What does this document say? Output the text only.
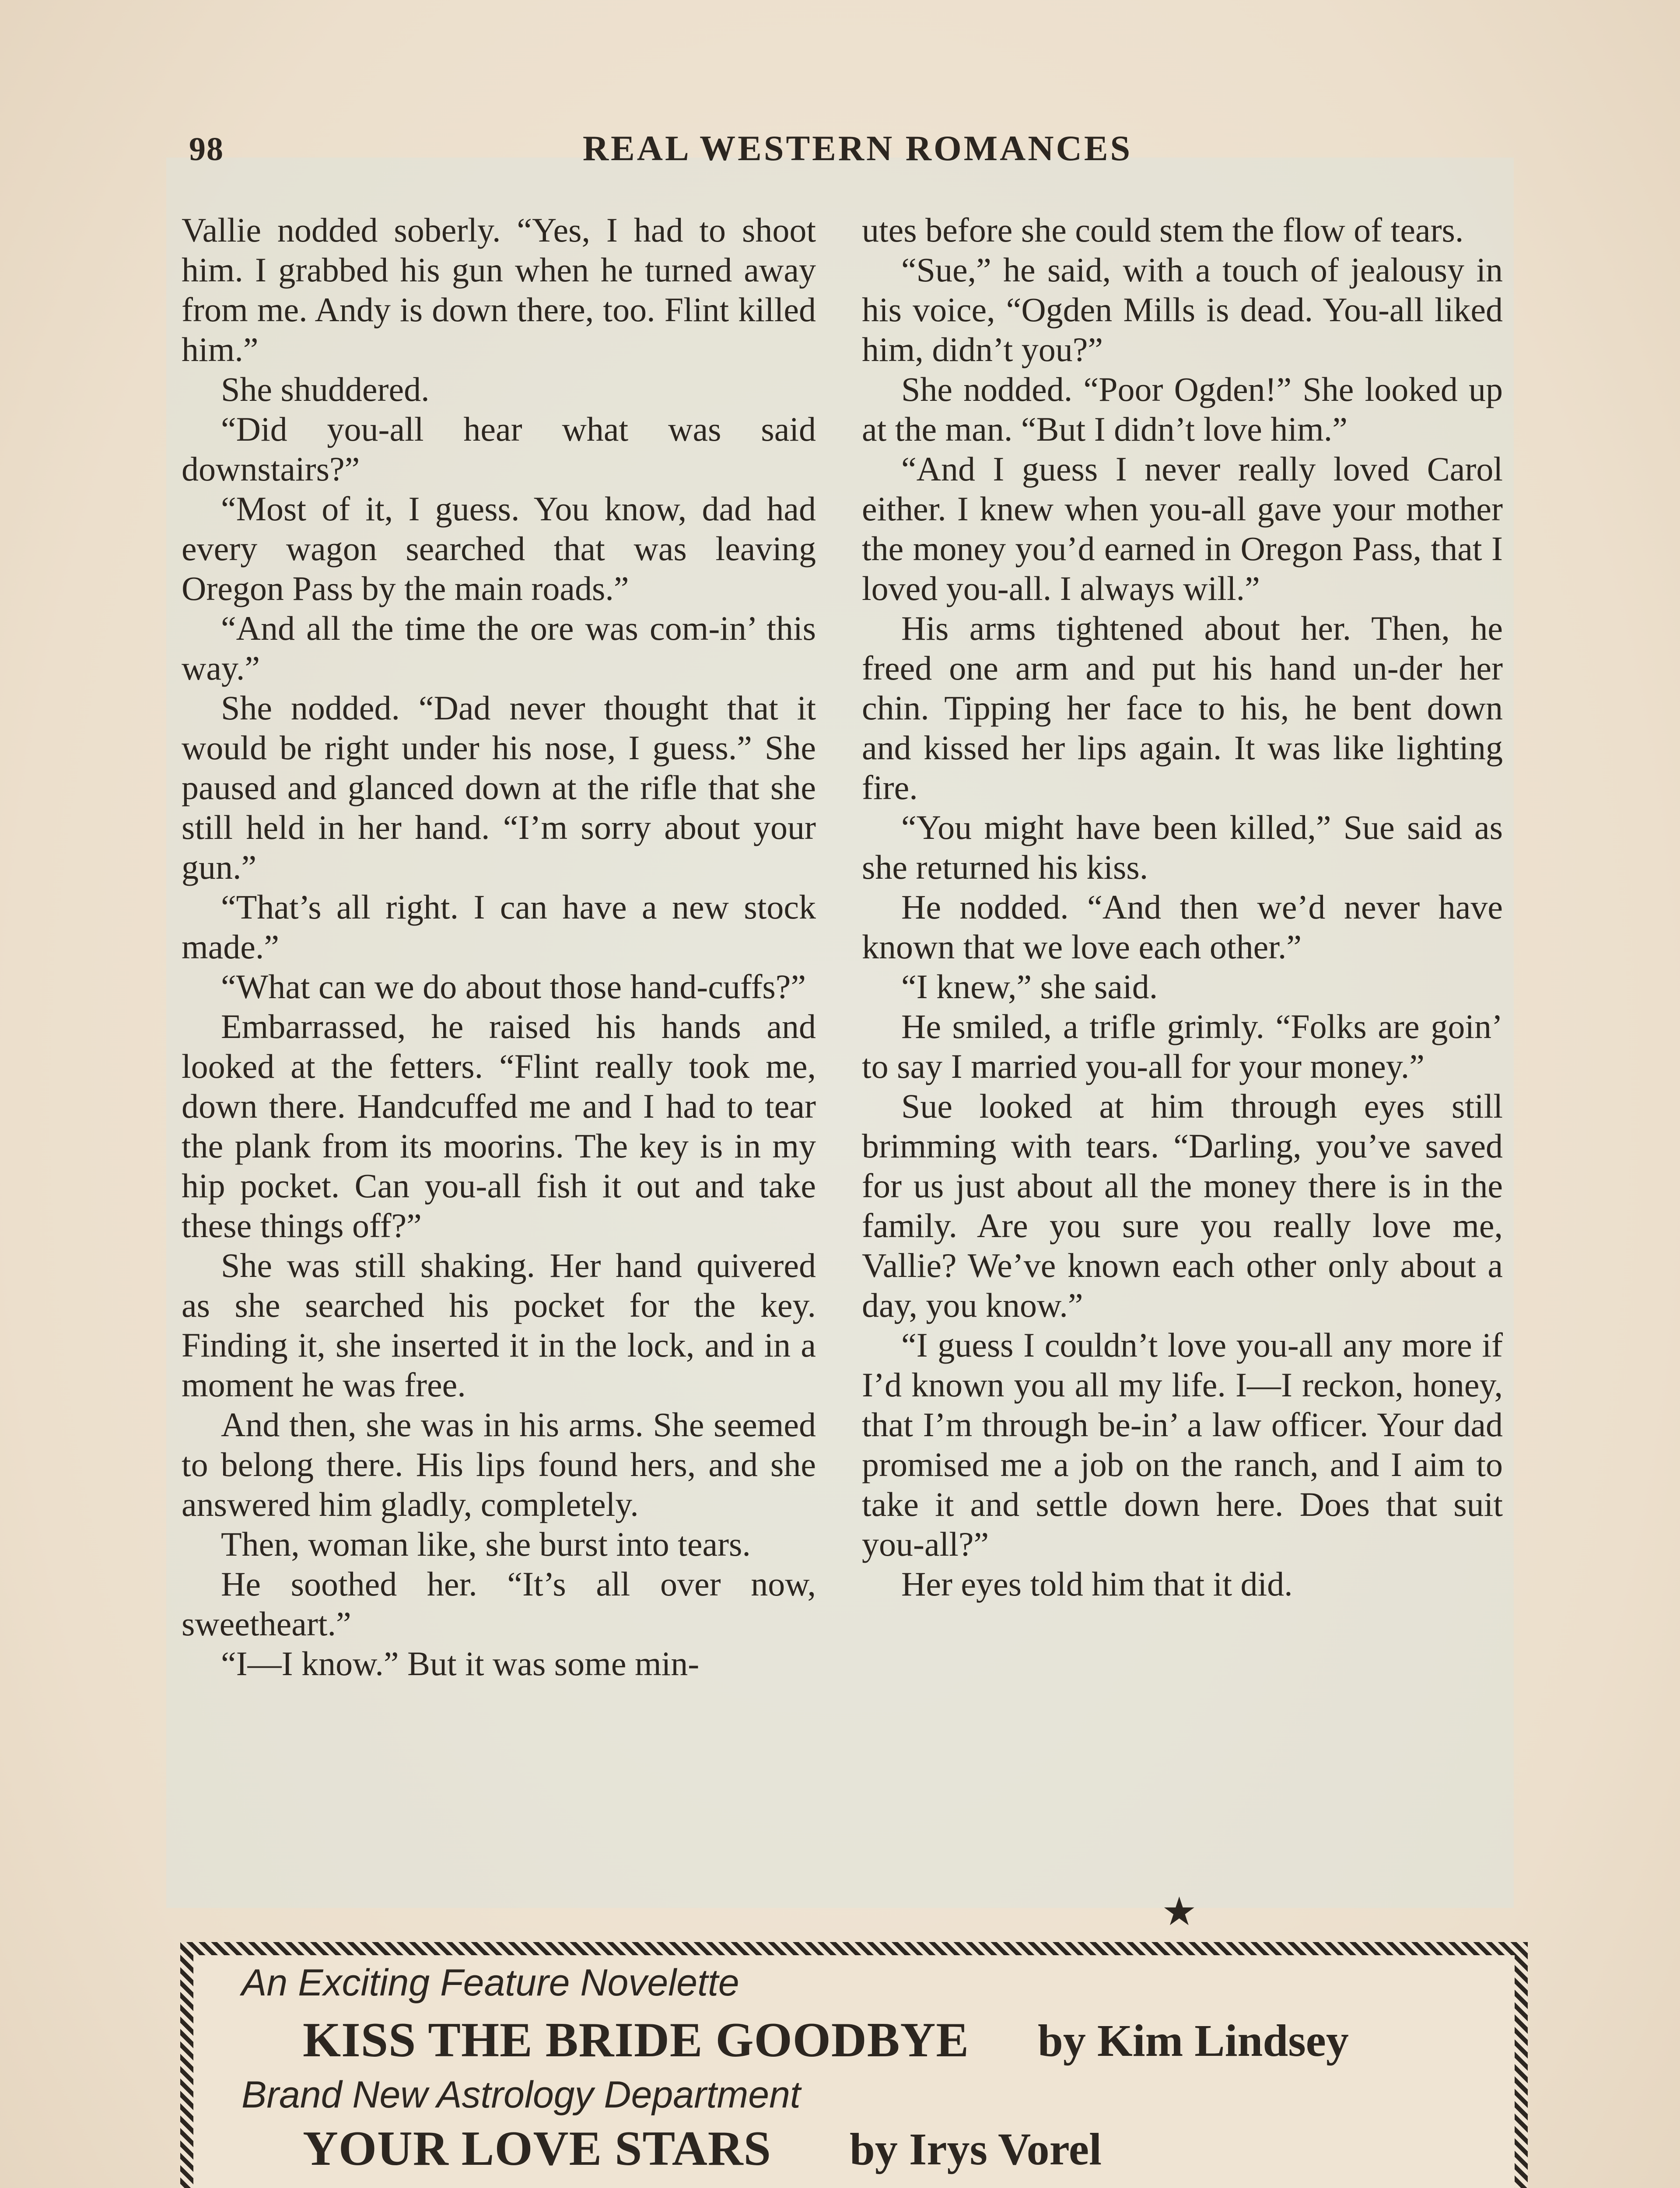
98	REAL WESTERN ROMANCES

Vallie nodded soberly. “Yes, I had to shoot him. I grabbed his gun when he turned away from me. Andy is down there, too. Flint killed him.”

She shuddered.

“Did you-all hear what was said downstairs?”

“Most of it, I guess. You know, dad had every wagon searched that was leaving Oregon Pass by the main roads.”

“And all the time the ore was com-in’ this way.”

She nodded. “Dad never thought that it would be right under his nose, I guess.” She paused and glanced down at the rifle that she still held in her hand. “I’m sorry about your gun.”

“That’s all right. I can have a new stock made.”

“What can we do about those hand-cuffs?”

Embarrassed, he raised his hands and looked at the fetters. “Flint really took me, down there. Handcuffed me and I had to tear the plank from its moorins. The key is in my hip pocket. Can you-all fish it out and take these things off?”

She was still shaking. Her hand quivered as she searched his pocket for the key. Finding it, she inserted it in the lock, and in a moment he was free.

And then, she was in his arms. She seemed to belong there. His lips found hers, and she answered him gladly, completely.

Then, woman like, she burst into tears.

He soothed her. “It’s all over now, sweetheart.”

“I—I know.” But it was some min-

utes before she could stem the flow of tears.

“Sue,” he said, with a touch of jealousy in his voice, “Ogden Mills is dead. You-all liked him, didn’t you?”

She nodded. “Poor Ogden!” She looked up at the man. “But I didn’t love him.”

“And I guess I never really loved Carol either. I knew when you-all gave your mother the money you’d earned in Oregon Pass, that I loved you-all. I always will.”

His arms tightened about her. Then, he freed one arm and put his hand un-der her chin. Tipping her face to his, he bent down and kissed her lips again. It was like lighting fire.

“You might have been killed,” Sue said as she returned his kiss.

He nodded. “And then we’d never have known that we love each other.”

“I knew,” she said.

He smiled, a trifle grimly. “Folks are goin’ to say I married you-all for your money.”

Sue looked at him through eyes still brimming with tears. “Darling, you’ve saved for us just about all the money there is in the family. Are you sure you really love me, Vallie? We’ve known each other only about a day, you know.”

“I guess I couldn’t love you-all any more if I’d known you all my life. I—I reckon, honey, that I’m through be-in’ a law officer. Your dad promised me a job on the ranch, and I aim to take it and settle down here. Does that suit you-all?”

Her eyes told him that it did.

★
An Exciting Feature Novelette
KISS THE BRIDE GOODBYE by Kim Lindsey
Brand New Astrology Department
YOUR LOVE STARS by Irys Vorel
